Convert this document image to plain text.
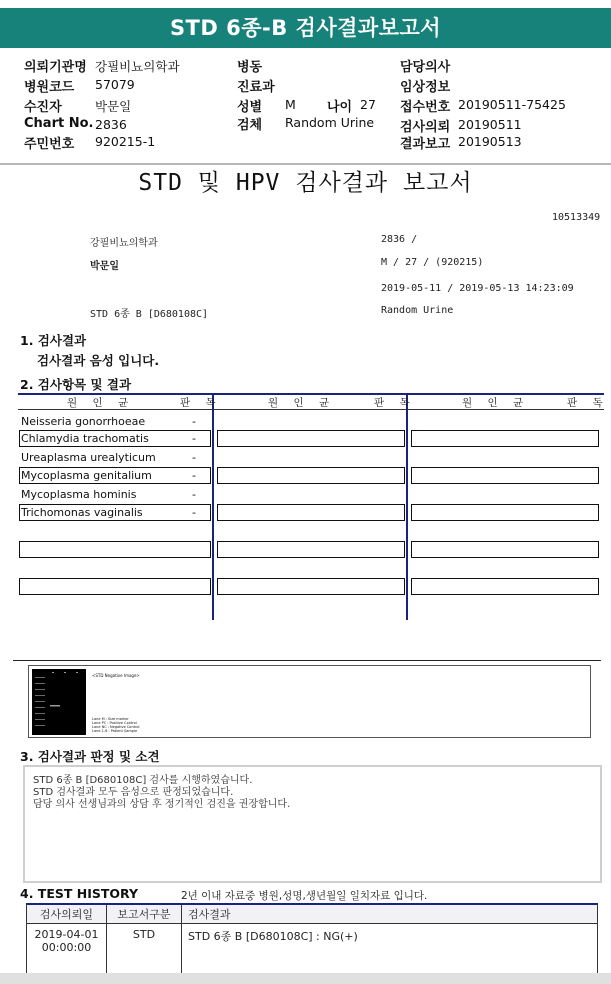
STD 6종-B 검사결과보고서
의뢰기관명 강필비뇨의학과
병원코드 57079
수진자	박문일
Chart No. 2836
주민번호 920215-1
병동
진료과
성별 M 나이 27
검체 Random Urine
담당의사
임상정보
접수번호 20190511-75425
검사의뢰 20190511
결과보고 20190513
STD 및 HPV 검사결과 보고서
10513349
강필비뇨의학과	2836 /
박문일	M / 27 / (920215)
2019-05-11 / 2019-05-13 14:23:09
STD 6종 B [D680108C]	Random Urine
1. 검사결과
검사결과 음성 입니다.
2. 검사항목 및 결과
원 인 균	판 독	원 인 균	판 독	원 인 균	판 독
Neisseria gonorrhoeae	-
Chlamydia trachomatis	-
Ureaplasma urealyticum	-
Mycoplasma genitalium	-
Mycoplasma hominis	-
Trichomonas vaginalis	-
<STD Negative Image>
Lane M : Size marker
Lane PC : Positive Control
Lane NC : Negative Control
Lane 1-6 : Patient Sample
3. 검사결과 판정 및 소견
STD 6종 B [D680108C] 검사를 시행하였습니다.
STD 검사결과 모두 음성으로 판정되었습니다.
담당 의사 선생님과의 상담 후 정기적인 검진을 권장합니다.
4. TEST HISTORY	2년 이내 자료중 병원,성명,생년월일 일치자료 입니다.
검사의뢰일	보고서구분	검사결과

2019-04-01
00:00:00	STD	STD 6종 B [D680108C] : NG(+)
